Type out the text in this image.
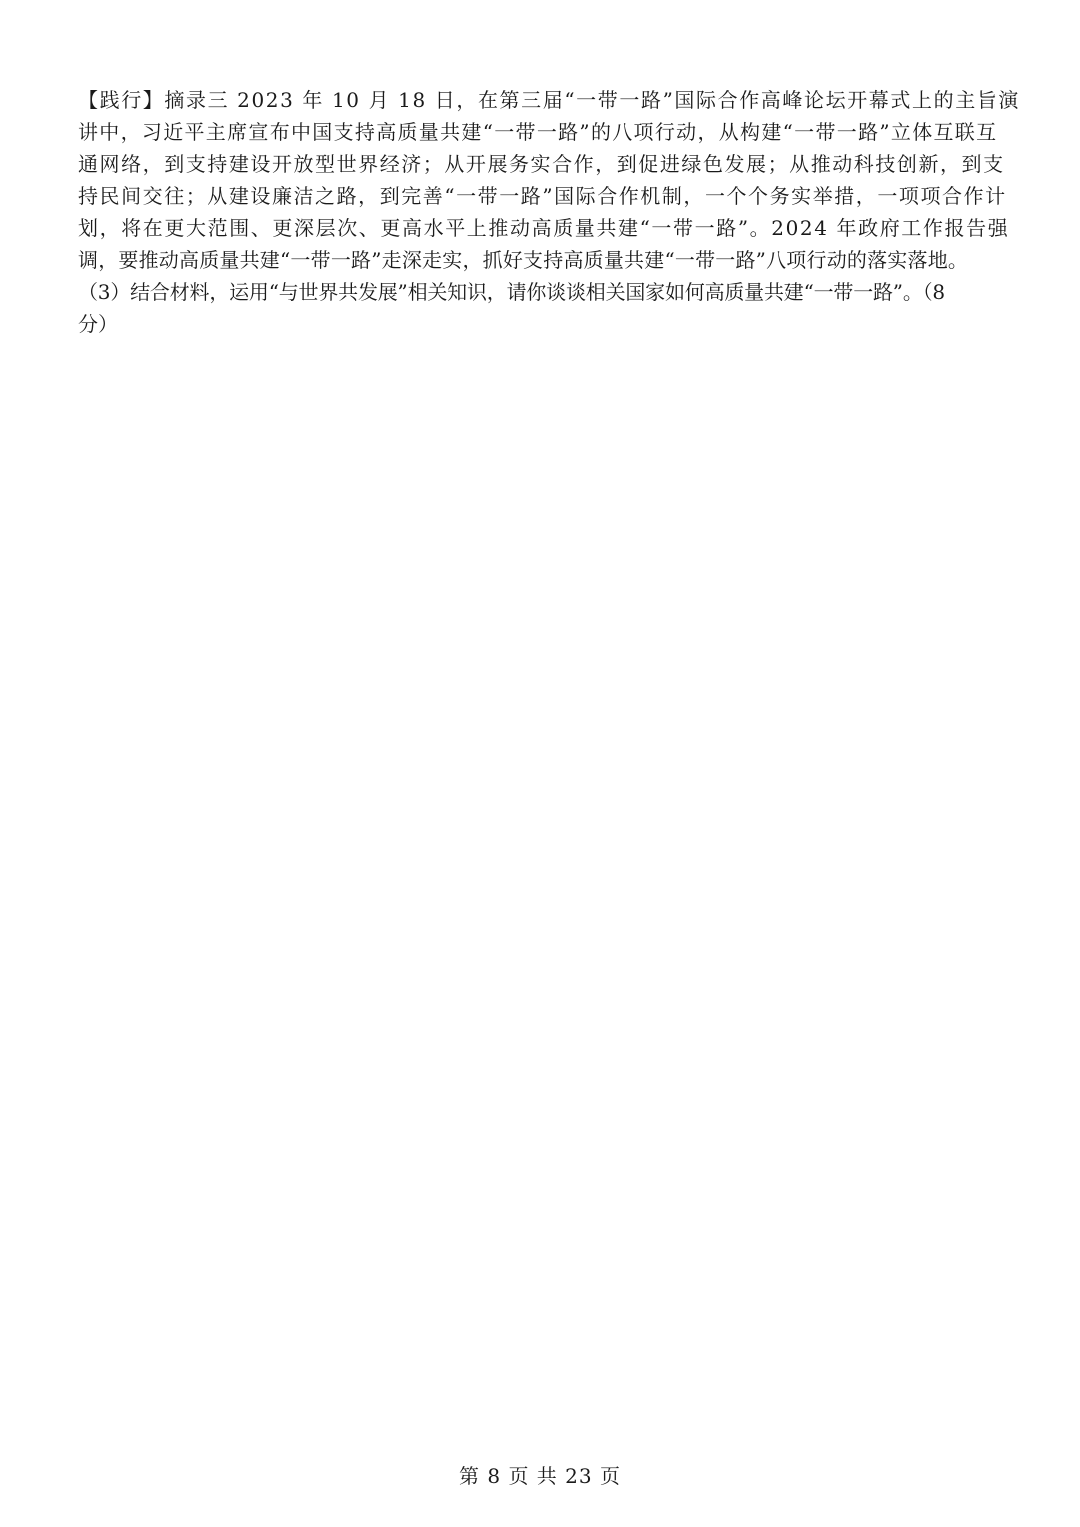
【践行】摘录三 2023 年 10 月 18 日，在第三届“一带一路”国际合作高峰论坛开幕式上的主旨演
讲中，习近平主席宣布中国支持高质量共建“一带一路”的八项行动，从构建“一带一路”立体互联互
通网络，到支持建设开放型世界经济；从开展务实合作，到促进绿色发展；从推动科技创新，到支
持民间交往；从建设廉洁之路，到完善“一带一路”国际合作机制，一个个务实举措，一项项合作计
划，将在更大范围、更深层次、更高水平上推动高质量共建“一带一路”。2024 年政府工作报告强
调，要推动高质量共建“一带一路”走深走实，抓好支持高质量共建“一带一路”八项行动的落实落地。
（3）结合材料，运用“与世界共发展”相关知识，请你谈谈相关国家如何高质量共建“一带一路”。（8
分）
第 8 页 共 23 页
